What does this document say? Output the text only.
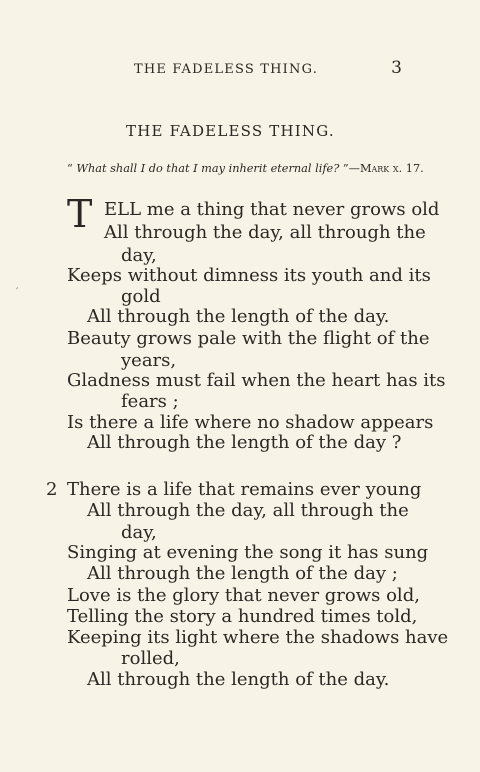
THE FADELESS THING.	3
THE FADELESS THING.
“ What shall I do that I may inherit eternal life? ”—Mark x. 17.
′
T ELL me a thing that never grows old
All through the day, all through the
day,
Keeps without dimness its youth and its
gold
All through the length of the day.
Beauty grows pale with the flight of the
years,
Gladness must fail when the heart has its
fears ;
Is there a life where no shadow appears
All through the length of the day ?
2 There is a life that remains ever young
All through the day, all through the
day,
Singing at evening the song it has sung
All through the length of the day ;
Love is the glory that never grows old,
Telling the story a hundred times told,
Keeping its light where the shadows have
rolled,
All through the length of the day.
